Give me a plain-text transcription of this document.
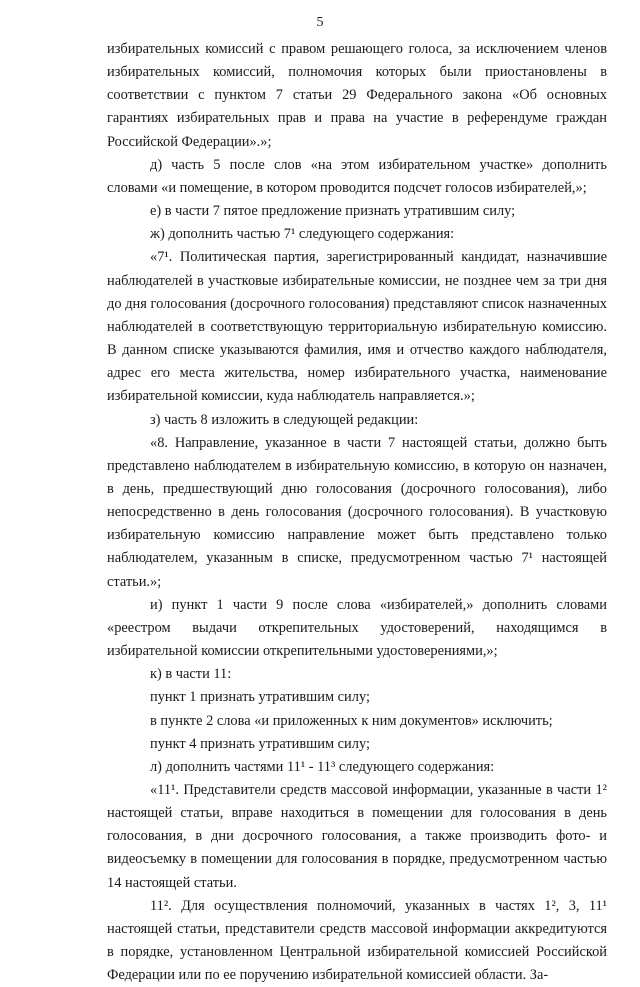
5

избирательных комиссий с правом решающего голоса, за исключением членов избирательных комиссий, полномочия которых были приостановлены в соответствии с пунктом 7 статьи 29 Федерального закона «Об основных гарантиях избирательных прав и права на участие в референдуме граждан Российской Федерации».»;

д) часть 5 после слов «на этом избирательном участке» дополнить словами «и помещение, в котором проводится подсчет голосов избирателей,»;

е) в части 7 пятое предложение признать утратившим силу;

ж) дополнить частью 7¹ следующего содержания:

«7¹. Политическая партия, зарегистрированный кандидат, назначившие наблюдателей в участковые избирательные комиссии, не позднее чем за три дня до дня голосования (досрочного голосования) представляют список назначенных наблюдателей в соответствующую территориальную избирательную комиссию. В данном списке указываются фамилия, имя и отчество каждого наблюдателя, адрес его места жительства, номер избирательного участка, наименование избирательной комиссии, куда наблюдатель направляется.»;

з) часть 8 изложить в следующей редакции:

«8. Направление, указанное в части 7 настоящей статьи, должно быть представлено наблюдателем в избирательную комиссию, в которую он назначен, в день, предшествующий дню голосования (досрочного голосования), либо непосредственно в день голосования (досрочного голосования). В участковую избирательную комиссию направление может быть представлено только наблюдателем, указанным в списке, предусмотренном частью 7¹ настоящей статьи.»;

и) пункт 1 части 9 после слова «избирателей,» дополнить словами «реестром выдачи открепительных удостоверений, находящимся в избирательной комиссии открепительными удостоверениями,»;

к) в части 11:

пункт 1 признать утратившим силу;

в пункте 2 слова «и приложенных к ним документов» исключить;

пункт 4 признать утратившим силу;

л) дополнить частями 11¹ - 11³ следующего содержания:

«11¹. Представители средств массовой информации, указанные в части 1² настоящей статьи, вправе находиться в помещении для голосования в день голосования, в дни досрочного голосования, а также производить фото- и видеосъемку в помещении для голосования в порядке, предусмотренном частью 14 настоящей статьи.

11². Для осуществления полномочий, указанных в частях 1², 3, 11¹ настоящей статьи, представители средств массовой информации аккредитуются в порядке, установленном Центральной избирательной комиссией Российской Федерации или по ее поручению избирательной комиссией области. За-
